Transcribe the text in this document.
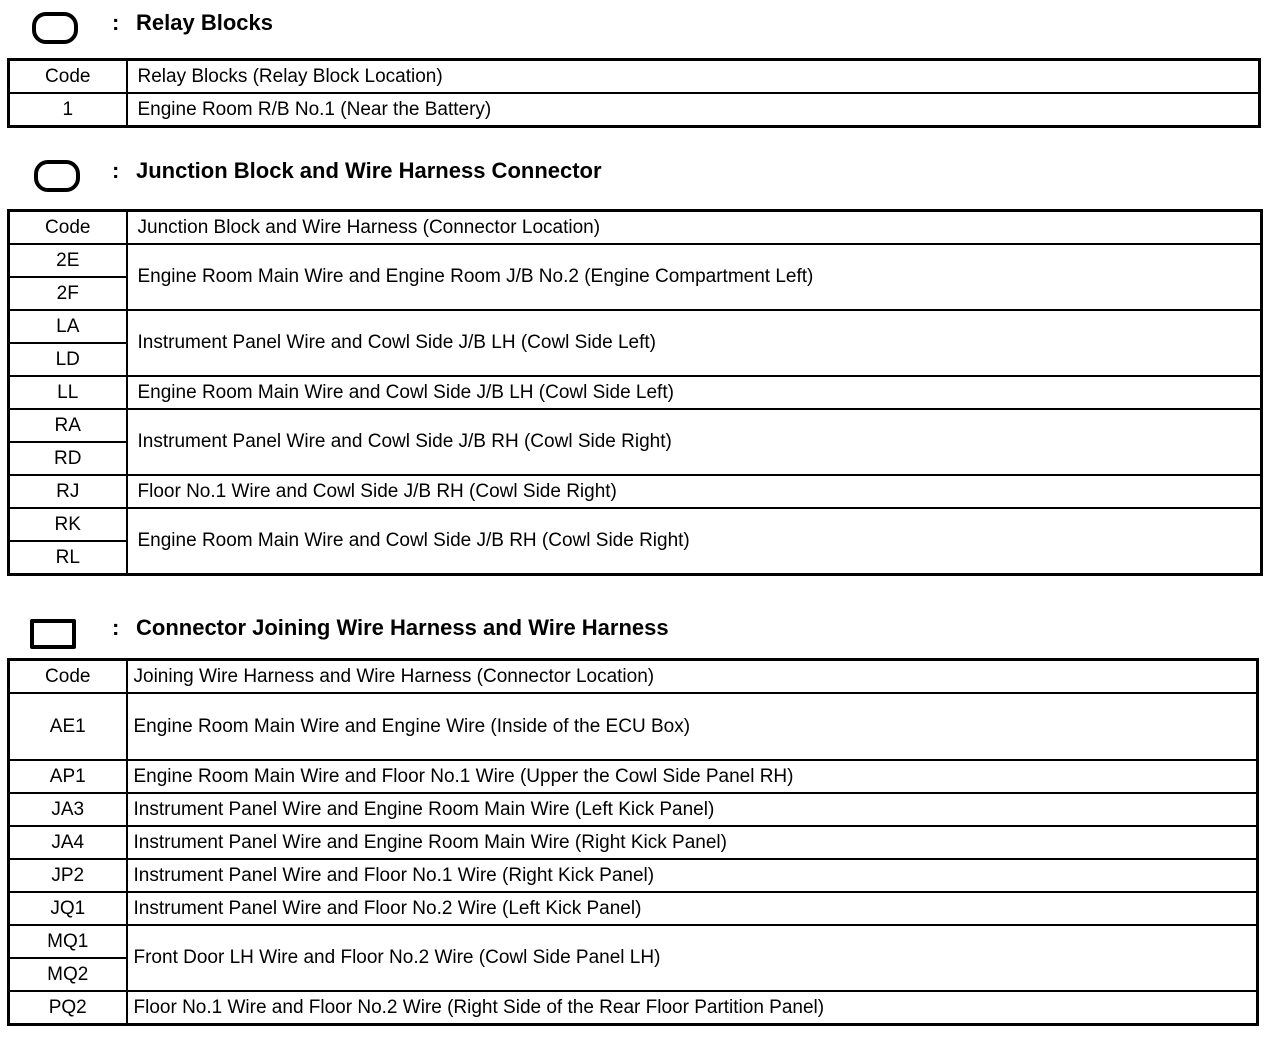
: Relay Blocks
Code	Relay Blocks (Relay Block Location)
1	Engine Room R/B No.1 (Near the Battery)
: Junction Block and Wire Harness Connector
Code	Junction Block and Wire Harness (Connector Location)
2E	Engine Room Main Wire and Engine Room J/B No.2 (Engine Compartment Left)
2F	
LA	Instrument Panel Wire and Cowl Side J/B LH (Cowl Side Left)
LD	
LL	Engine Room Main Wire and Cowl Side J/B LH (Cowl Side Left)
RA	Instrument Panel Wire and Cowl Side J/B RH (Cowl Side Right)
RD	
RJ	Floor No.1 Wire and Cowl Side J/B RH (Cowl Side Right)
RK	Engine Room Main Wire and Cowl Side J/B RH (Cowl Side Right)
RL	
: Connector Joining Wire Harness and Wire Harness
Code	Joining Wire Harness and Wire Harness (Connector Location)
AE1	Engine Room Main Wire and Engine Wire (Inside of the ECU Box)
AP1	Engine Room Main Wire and Floor No.1 Wire (Upper the Cowl Side Panel RH)
JA3	Instrument Panel Wire and Engine Room Main Wire (Left Kick Panel)
JA4	Instrument Panel Wire and Engine Room Main Wire (Right Kick Panel)
JP2	Instrument Panel Wire and Floor No.1 Wire (Right Kick Panel)
JQ1	Instrument Panel Wire and Floor No.2 Wire (Left Kick Panel)
MQ1	Front Door LH Wire and Floor No.2 Wire (Cowl Side Panel LH)
MQ2	
PQ2	Floor No.1 Wire and Floor No.2 Wire (Right Side of the Rear Floor Partition Panel)
